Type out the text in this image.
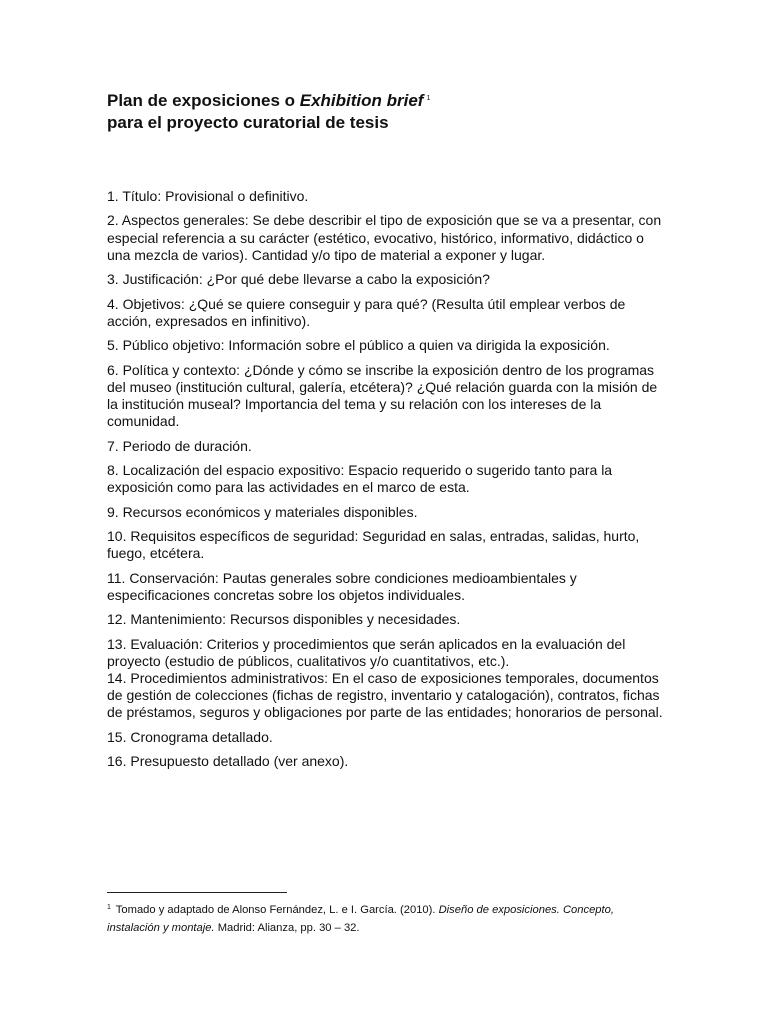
Plan de exposiciones o Exhibition brief $^1$
para el proyecto curatorial de tesis
1. Título: Provisional o definitivo.
2. Aspectos generales: Se debe describir el tipo de exposición que se va a presentar, con
especial referencia a su carácter (estético, evocativo, histórico, informativo, didáctico o
una mezcla de varios). Cantidad y/o tipo de material a exponer y lugar.
3. Justificación: ¿Por qué debe llevarse a cabo la exposición?
4. Objetivos: ¿Qué se quiere conseguir y para qué? (Resulta útil emplear verbos de
acción, expresados en infinitivo).
5. Público objetivo: Información sobre el público a quien va dirigida la exposición.
6. Política y contexto: ¿Dónde y cómo se inscribe la exposición dentro de los programas
del museo (institución cultural, galería, etcétera)? ¿Qué relación guarda con la misión de
la institución museal? Importancia del tema y su relación con los intereses de la
comunidad.
7. Periodo de duración.
8. Localización del espacio expositivo: Espacio requerido o sugerido tanto para la
exposición como para las actividades en el marco de esta.
9. Recursos económicos y materiales disponibles.
10. Requisitos específicos de seguridad: Seguridad en salas, entradas, salidas, hurto,
fuego, etcétera.
11. Conservación: Pautas generales sobre condiciones medioambientales y
especificaciones concretas sobre los objetos individuales.
12. Mantenimiento: Recursos disponibles y necesidades.
13. Evaluación: Criterios y procedimientos que serán aplicados en la evaluación del
proyecto (estudio de públicos, cualitativos y/o cuantitativos, etc.).
14. Procedimientos administrativos: En el caso de exposiciones temporales, documentos
de gestión de colecciones (fichas de registro, inventario y catalogación), contratos, fichas
de préstamos, seguros y obligaciones por parte de las entidades; honorarios de personal.
15. Cronograma detallado.
16. Presupuesto detallado (ver anexo).
$^1$ Tomado y adaptado de Alonso Fernández, L. e I. García. (2010). Diseño de exposiciones. Concepto,
instalación y montaje. Madrid: Alianza, pp. 30 – 32.
